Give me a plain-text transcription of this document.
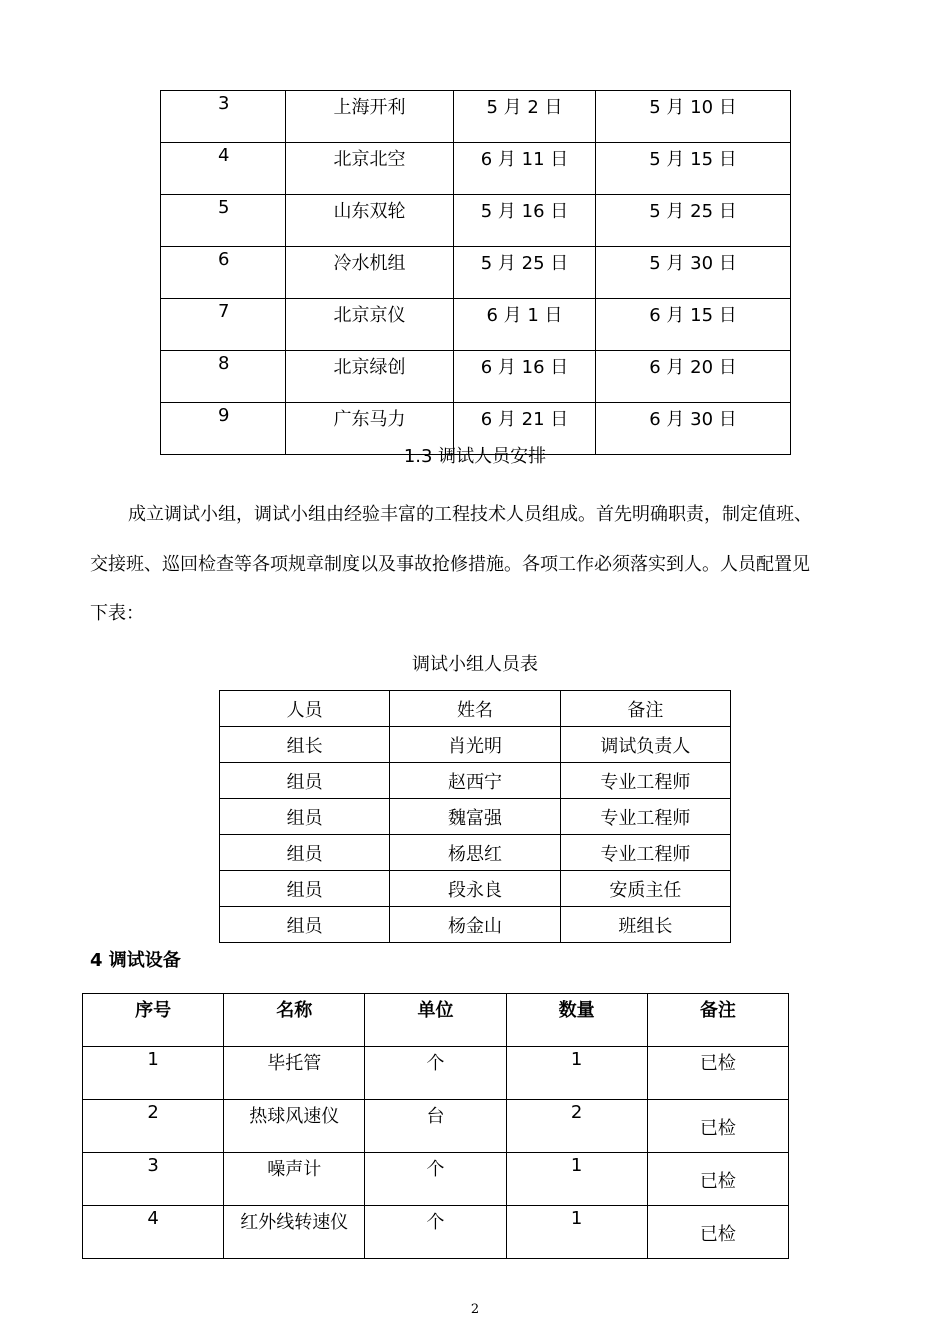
3	上海开利	5 月 2 日	5 月 10 日
4	北京北空	6 月 11 日	5 月 15 日
5	山东双轮	5 月 16 日	5 月 25 日
6	冷水机组	5 月 25 日	5 月 30 日
7	北京京仪	6 月 1 日	6 月 15 日
8	北京绿创	6 月 16 日	6 月 20 日
9	广东马力	6 月 21 日	6 月 30 日
1.3 调试人员安排
成立调试小组，调试小组由经验丰富的工程技术人员组成。首先明确职责，制定值班、
交接班、巡回检查等各项规章制度以及事故抢修措施。各项工作必须落实到人。人员配置见
下表：
调试小组人员表
人员	姓名	备注
组长	肖光明	调试负责人
组员	赵西宁	专业工程师
组员	魏富强	专业工程师
组员	杨思红	专业工程师
组员	段永良	安质主任
组员	杨金山	班组长
4 调试设备
序号	名称	单位	数量	备注
1	毕托管	个	1	已检
2	热球风速仪	台	2	已检
3	噪声计	个	1	已检
4	红外线转速仪	个	1	已检
2
